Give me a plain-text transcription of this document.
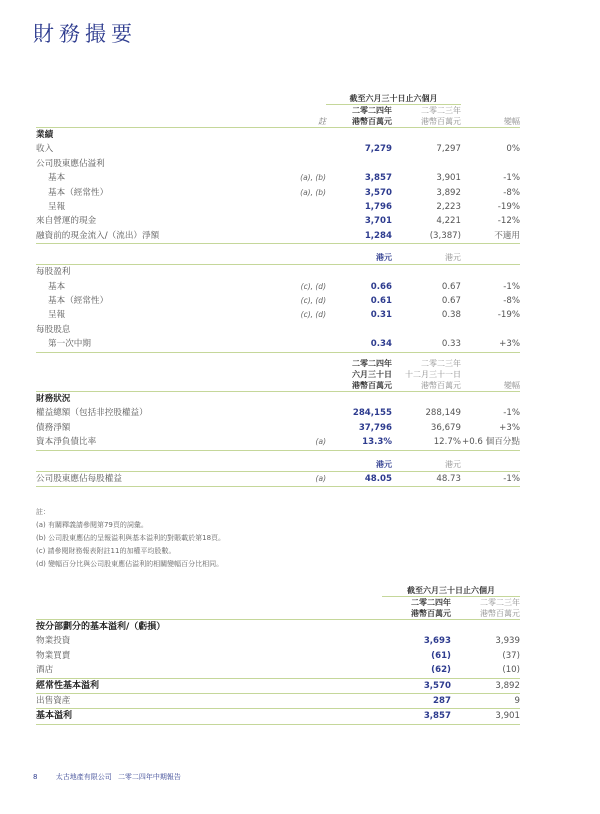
財務撮要
		截至六月三十日止六個月		
		二零二四年	二零二三年	
	註	港幣百萬元	港幣百萬元	變幅
業績				
收入		7,279	7,297	0%
公司股東應佔溢利				
基本	(a), (b)	3,857	3,901	-1%
基本（經常性）	(a), (b)	3,570	3,892	-8%
呈報		1,796	2,223	-19%
來自營運的現金		3,701	4,221	-12%
融資前的現金流入/（流出）淨額		1,284	(3,387)	不適用
		港元	港元	
每股盈利				
基本	(c), (d)	0.66	0.67	-1%
基本（經常性）	(c), (d)	0.61	0.67	-8%
呈報	(c), (d)	0.31	0.38	-19%
每股股息				
第一次中期		0.34	0.33	+3%
		二零二四年	二零二三年	
		六月三十日	十二月三十一日	
		港幣百萬元	港幣百萬元	變幅
財務狀況				
權益總額（包括非控股權益）		284,155	288,149	-1%
債務淨額		37,796	36,679	+3%
資本淨負債比率	(a)	13.3%	12.7%	+0.6 個百分點
		港元	港元	
公司股東應佔每股權益	(a)	48.05	48.73	-1%
註：
(a) 有關釋義請參閱第79頁的詞彙。
(b) 公司股東應佔的呈報溢利與基本溢利的對賬載於第18頁。
(c) 請參閱財務報表附註11的加權平均股數。
(d) 變幅百分比與公司股東應佔溢利的相關變幅百分比相同。
	截至六月三十日止六個月	
	二零二四年	二零二三年
	港幣百萬元	港幣百萬元
按分部劃分的基本溢利/（虧損）		
物業投資	3,693	3,939
物業買賣	(61)	(37)
酒店	(62)	(10)
經常性基本溢利	3,570	3,892
出售資產	287	9
基本溢利	3,857	3,901
8	太古地產有限公司 二零二四年中期報告
